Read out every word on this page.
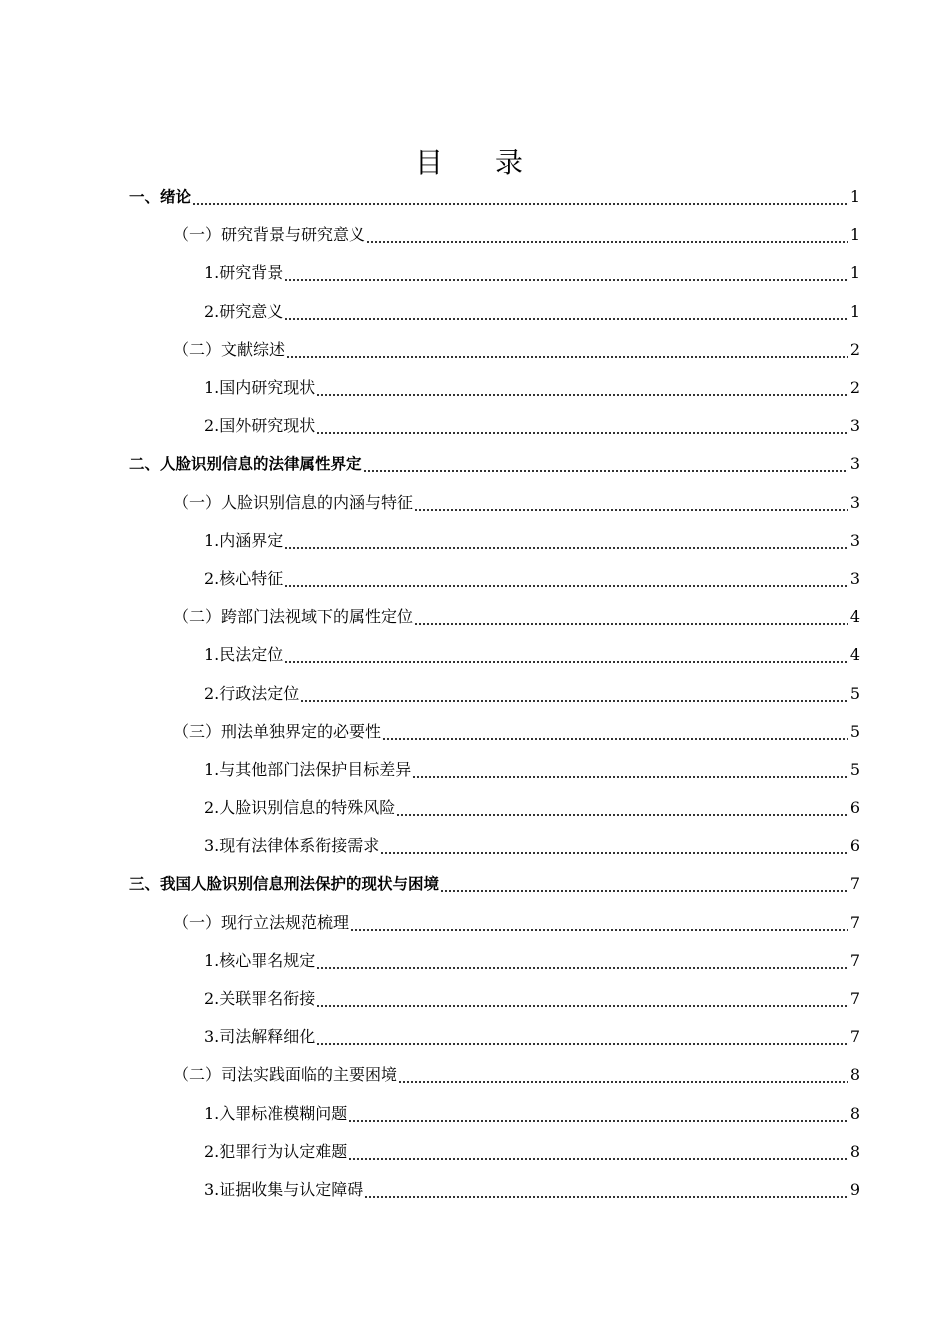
目录
一、绪论	1
（一）研究背景与研究意义	1
1.研究背景	1
2.研究意义	1
（二）文献综述	2
1.国内研究现状	2
2.国外研究现状	3
二、人脸识别信息的法律属性界定	3
（一）人脸识别信息的内涵与特征	3
1.内涵界定	3
2.核心特征	3
（二）跨部门法视域下的属性定位	4
1.民法定位	4
2.行政法定位	5
（三）刑法单独界定的必要性	5
1.与其他部门法保护目标差异	5
2.人脸识别信息的特殊风险	6
3.现有法律体系衔接需求	6
三、我国人脸识别信息刑法保护的现状与困境	7
（一）现行立法规范梳理	7
1.核心罪名规定	7
2.关联罪名衔接	7
3.司法解释细化	7
（二）司法实践面临的主要困境	8
1.入罪标准模糊问题	8
2.犯罪行为认定难题	8
3.证据收集与认定障碍	9
